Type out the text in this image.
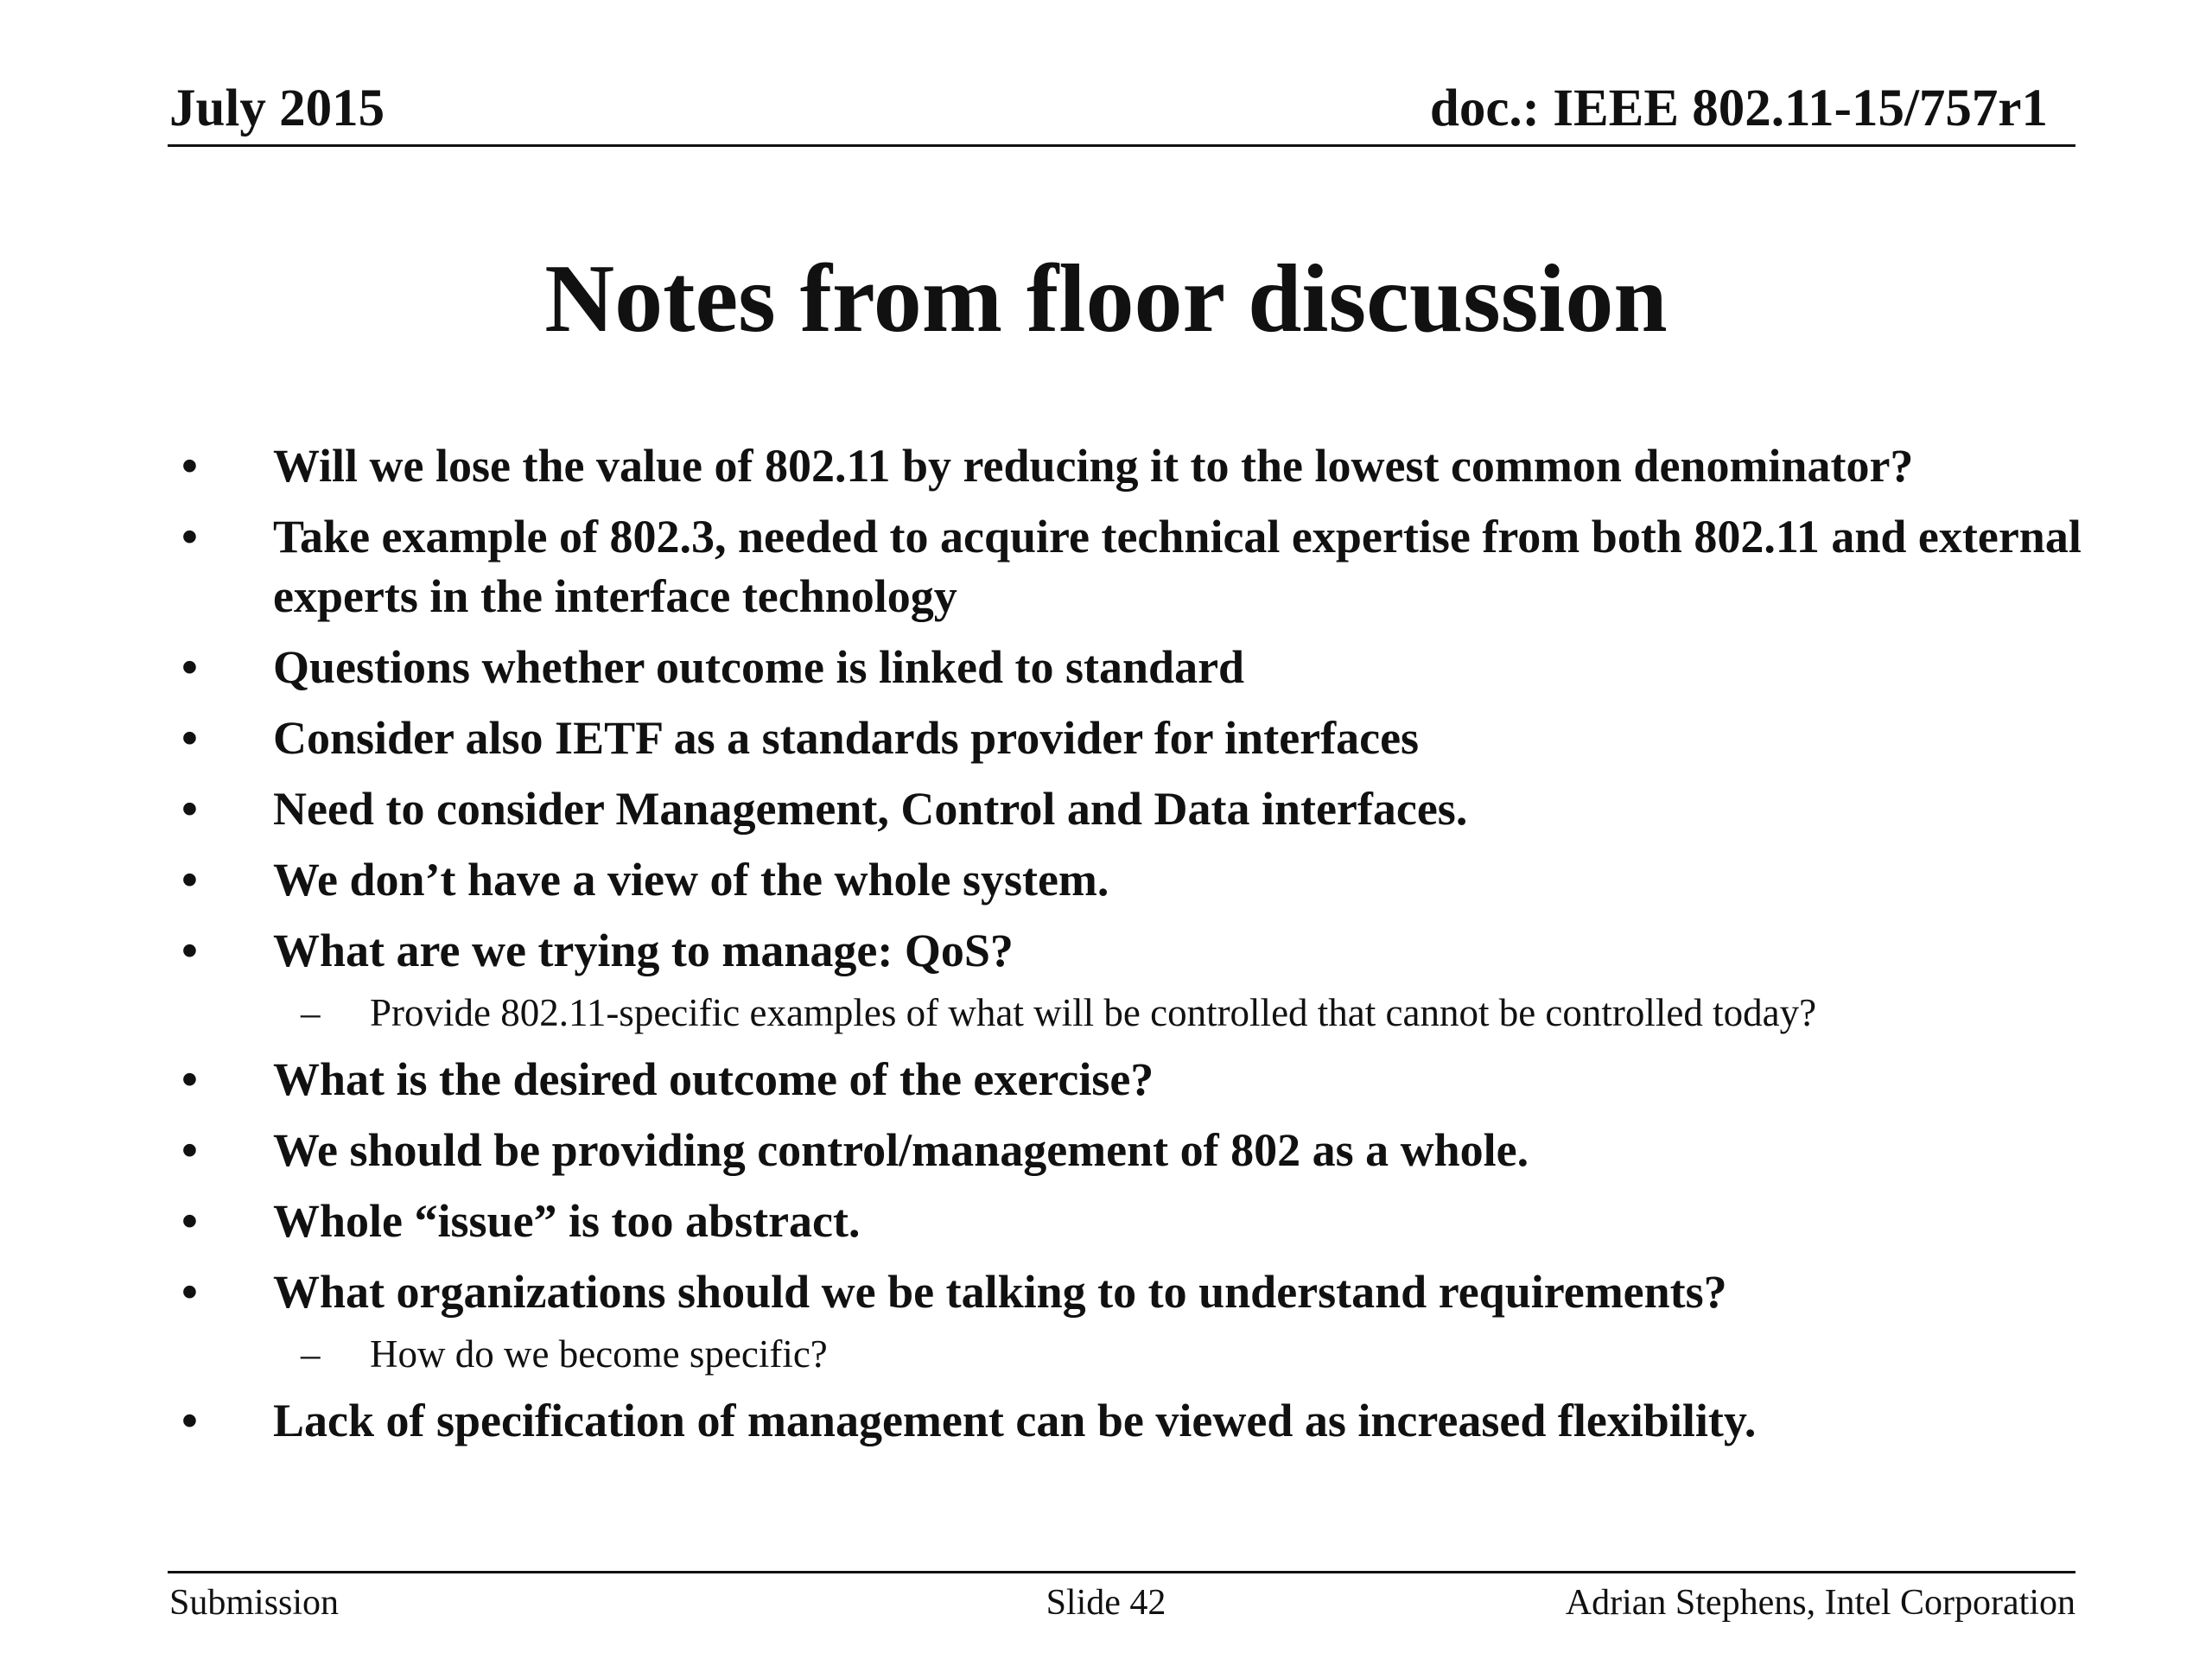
July 2015	doc.: IEEE 802.11-15/757r1
Notes from floor discussion
•	Will we lose the value of 802.11 by reducing it to the lowest common denominator?
•	Take example of 802.3, needed to acquire technical expertise from both 802.11 and external experts in the interface technology
•	Questions whether outcome is linked to standard
•	Consider also IETF as a standards provider for interfaces
•	Need to consider Management, Control and Data interfaces.
•	We don’t have a view of the whole system.
•	What are we trying to manage: QoS?
–	Provide 802.11-specific examples of what will be controlled that cannot be controlled today?
•	What is the desired outcome of the exercise?
•	We should be providing control/management of 802 as a whole.
•	Whole “issue” is too abstract.
•	What organizations should we be talking to to understand requirements?
–	How do we become specific?
•	Lack of specification of management can be viewed as increased flexibility.
Submission	Slide 42	Adrian Stephens, Intel Corporation
